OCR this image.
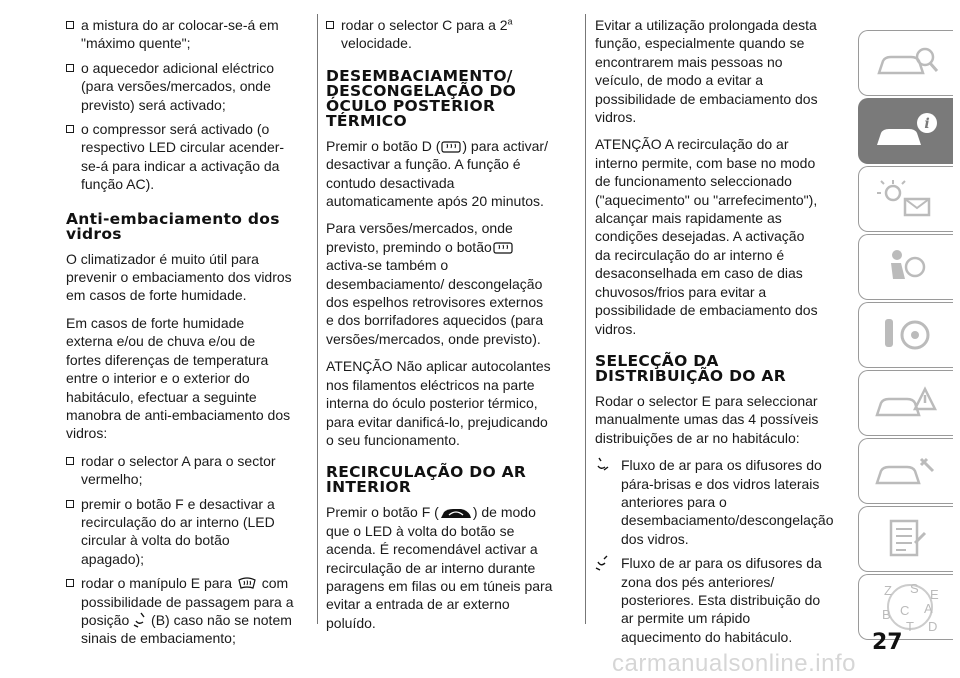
a mistura do ar colocar-se-á em "máximo quente";
o aquecedor adicional eléctrico (para versões/mercados, onde previsto) será activado;
o compressor será activado (o respectivo LED circular acender-se-á para indicar a activação da função AC).
Anti-embaciamento dos vidros

O climatizador é muito útil para prevenir o embaciamento dos vidros em casos de forte humidade.

Em casos de forte humidade externa e/ou de chuva e/ou de fortes diferenças de temperatura entre o interior e o exterior do habitáculo, efectuar a seguinte manobra de anti-embaciamento dos vidros:

rodar o selector A para o sector vermelho;
premir o botão F e desactivar a recirculação do ar interno (LED circular à volta do botão apagado);
rodar o manípulo E para com possibilidade de passagem para a posição (B) caso não se notem sinais de embaciamento;
rodar o selector C para a 2$^a$ velocidade.
DESEMBACIAMENTO/ DESCONGELAÇÃO DO ÓCULO POSTERIOR TÉRMICO

Premir o botão D ( ) para activar/ desactivar a função. A função é contudo desactivada automaticamente após 20 minutos.

Para versões/mercados, onde previsto, premindo o botãoactiva-se também o desembaciamento/ descongelação dos espelhos retrovisores externos e dos borrifadores aquecidos (para versões/mercados, onde previsto).

ATENÇÃO Não aplicar autocolantes nos filamentos eléctricos na parte interna do óculo posterior térmico, para evitar danificá-lo, prejudicando o seu funcionamento.

RECIRCULAÇÃO DO AR INTERIOR

Premir o botão F ( ) de modo que o LED à volta do botão se acenda. É recomendável activar a recirculação de ar interno durante paragens em filas ou em túneis para evitar a entrada de ar externo poluído.

Evitar a utilização prolongada desta função, especialmente quando se encontrarem mais pessoas no veículo, de modo a evitar a possibilidade de embaciamento dos vidros.

ATENÇÃO A recirculação do ar interno permite, com base no modo de funcionamento seleccionado ("aquecimento" ou "arrefecimento"), alcançar mais rapidamente as condições desejadas. A activação da recirculação do ar interno é desaconselhada em caso de dias chuvosos/frios para evitar a possibilidade de embaciamento dos vidros.

SELECÇÃO DA DISTRIBUIÇÃO DO AR

Rodar o selector E para seleccionar manualmente umas das 4 possíveis distribuições de ar no habitáculo:

Fluxo de ar para os difusores do pára-brisas e dos vidros laterais anteriores para o desembaciamento/descongelação dos vidros.
Fluxo de ar para os difusores da zona dos pés anteriores/ posteriores. Esta distribuição do ar permite um rápido aquecimento do habitáculo.
i
Z S E
A
B C
T D
27
carmanualsonline.info
